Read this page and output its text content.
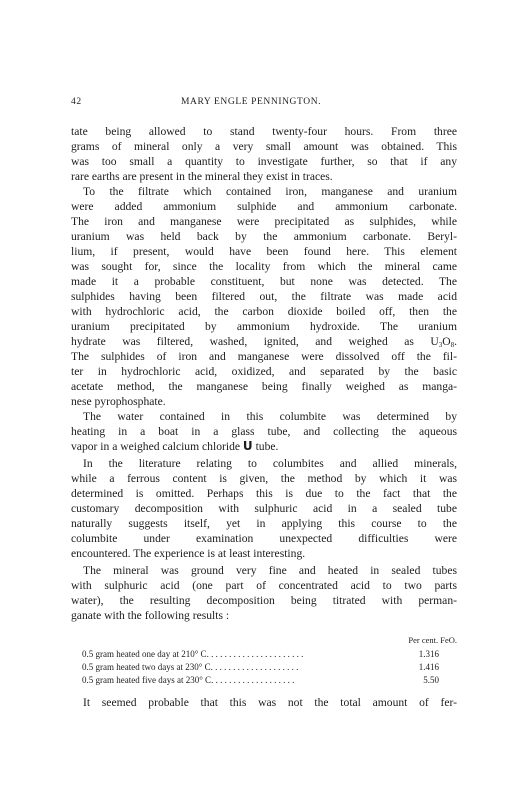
42	MARY ENGLE PENNINGTON.
tate being allowed to stand twenty-four hours. From three
grams of mineral only a very small amount was obtained. This
was too small a quantity to investigate further, so that if any
rare earths are present in the mineral they exist in traces.
To the filtrate which contained iron, manganese and uranium
were added ammonium sulphide and ammonium carbonate.
The iron and manganese were precipitated as sulphides, while
uranium was held back by the ammonium carbonate. Beryl-
lium, if present, would have been found here. This element
was sought for, since the locality from which the mineral came
made it a probable constituent, but none was detected. The
sulphides having been filtered out, the filtrate was made acid
with hydrochloric acid, the carbon dioxide boiled off, then the
uranium precipitated by ammonium hydroxide. The uranium
hydrate was filtered, washed, ignited, and weighed as $U_3O_8$.
The sulphides of iron and manganese were dissolved off the fil-
ter in hydrochloric acid, oxidized, and separated by the basic
acetate method, the manganese being finally weighed as manga-
nese pyrophosphate.
The water contained in this columbite was determined by
heating in a boat in a glass tube, and collecting the aqueous
vapor in a weighed calcium chloride U tube.
In the literature relating to columbites and allied minerals,
while a ferrous content is given, the method by which it was
determined is omitted. Perhaps this is due to the fact that the
customary decomposition with sulphuric acid in a sealed tube
naturally suggests itself, yet in applying this course to the
columbite under examination unexpected difficulties were
encountered. The experience is at least interesting.
The mineral was ground very fine and heated in sealed tubes
with sulphuric acid (one part of concentrated acid to two parts
water), the resulting decomposition being titrated with perman-
ganate with the following results :
Per cent. FeO.
0.5 gram heated one day at 210° C. . . . . . . . . . . . . . . . . . . . . .	1.316
0.5 gram heated two days at 230° C. . . . . . . . . . . . . . . . . . . .	1.416
0.5 gram heated five days at 230° C. . . . . . . . . . . . . . . . . . .	5.50
It seemed probable that this was not the total amount of fer-
